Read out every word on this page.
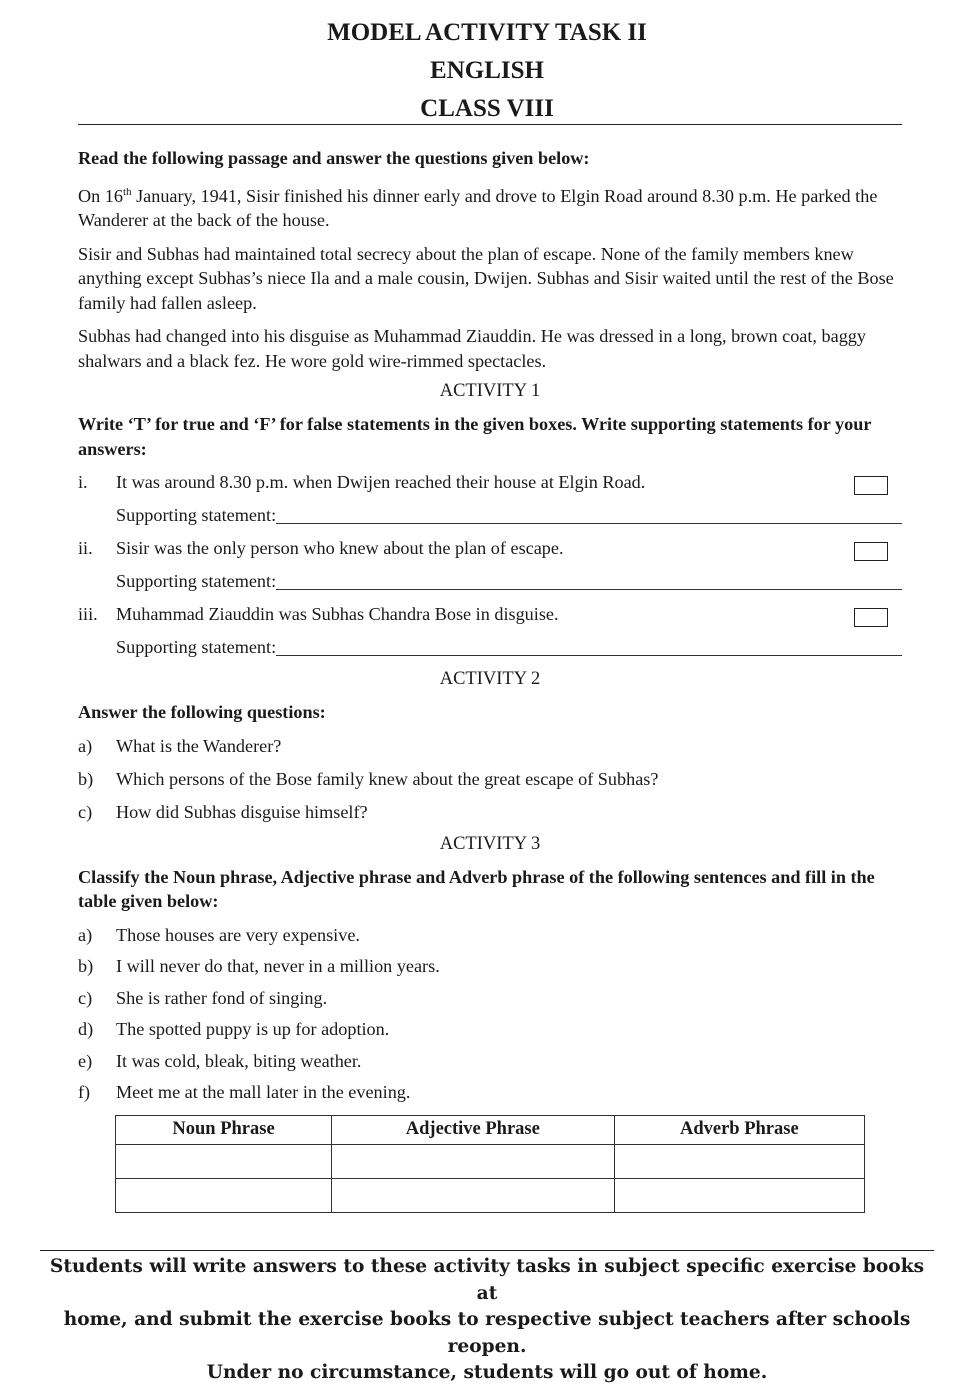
MODEL ACTIVITY TASK II
ENGLISH
CLASS VIII

Read the following passage and answer the questions given below:

On 16th January, 1941, Sisir finished his dinner early and drove to Elgin Road around 8.30 p.m. He parked the Wanderer at the back of the house.

Sisir and Subhas had maintained total secrecy about the plan of escape. None of the family members knew anything except Subhas’s niece Ila and a male cousin, Dwijen. Subhas and Sisir waited until the rest of the Bose family had fallen asleep.

Subhas had changed into his disguise as Muhammad Ziauddin. He was dressed in a long, brown coat, baggy shalwars and a black fez. He wore gold wire-rimmed spectacles.

ACTIVITY 1

Write ‘T’ for true and ‘F’ for false statements in the given boxes. Write supporting statements for your answers:

i. It was around 8.30 p.m. when Dwijen reached their house at Elgin Road.
Supporting statement:
ii. Sisir was the only person who knew about the plan of escape.
Supporting statement:
iii. Muhammad Ziauddin was Subhas Chandra Bose in disguise.
Supporting statement:
ACTIVITY 2

Answer the following questions:

a) What is the Wanderer?
b) Which persons of the Bose family knew about the great escape of Subhas?
c) How did Subhas disguise himself?
ACTIVITY 3

Classify the Noun phrase, Adjective phrase and Adverb phrase of the following sentences and fill in the table given below:

a) Those houses are very expensive.
b) I will never do that, never in a million years.
c) She is rather fond of singing.
d) The spotted puppy is up for adoption.
e) It was cold, bleak, biting weather.
f) Meet me at the mall later in the evening.
Noun Phrase	Adjective Phrase	Adverb Phrase

Students will write answers to these activity tasks in subject specific exercise books at
home, and submit the exercise books to respective subject teachers after schools reopen.
Under no circumstance, students will go out of home.
